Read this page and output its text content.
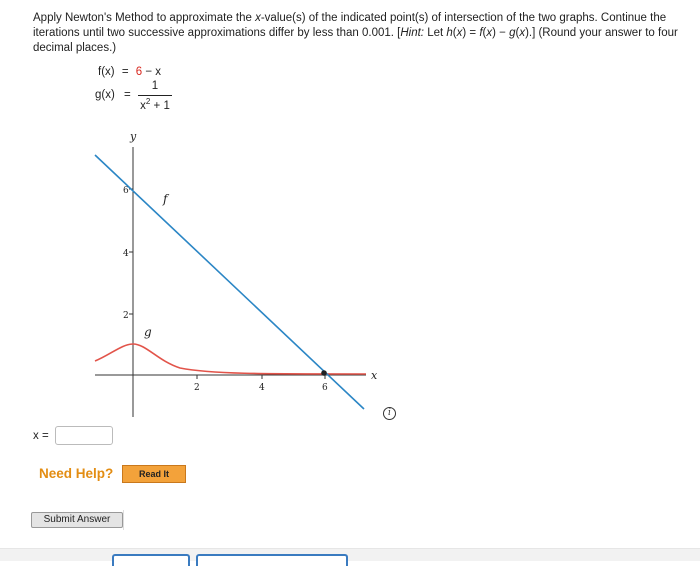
Apply Newton's Method to approximate the x-value(s) of the indicated point(s) of intersection of the two graphs. Continue the iterations until two successive approximations differ by less than 0.001. [Hint: Let h(x) = f(x) − g(x).] (Round your answer to four decimal places.)
f(x) = 6 − x
g(x) =
1
$x^2 + 1$
y
x
6
4
2
2	4	6
f
g
i
x =
Need Help?	Read It
Submit Answer
